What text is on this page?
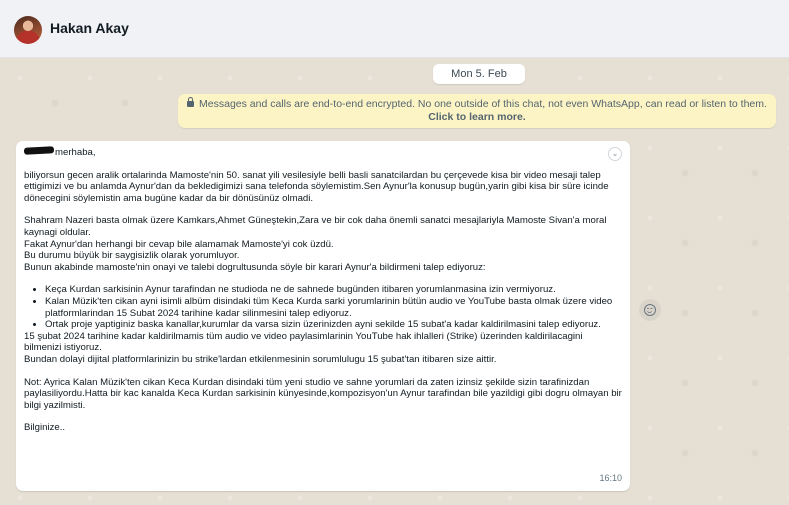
Hakan Akay
Mon 5. Feb
Messages and calls are end-to-end encrypted. No one outside of this chat, not even WhatsApp, can read or listen to them. Click to learn more.
⌄

merhaba,

biliyorsun gecen aralik ortalarinda Mamoste'nin 50. sanat yili vesilesiyle belli basli sanatcilardan bu çerçevede kisa bir video mesaji talep ettigimizi ve bu anlamda Aynur'dan da bekledigimizi sana telefonda söylemistim.Sen Aynur'la konusup bugün,yarin gibi kisa bir süre icinde dönecegini söylemistin ama bugüne kadar da bir dönüsünüz olmadi.

Shahram Nazeri basta olmak üzere Kamkars,Ahmet Güneştekin,Zara ve bir cok daha önemli sanatci mesajlariyla Mamoste Sivan'a moral kaynagi oldular.

Fakat Aynur'dan herhangi bir cevap bile alamamak Mamoste'yi cok üzdü.

Bu durumu büyük bir saygisizlik olarak yorumluyor.

Bunun akabinde mamoste'nin onayi ve talebi dogrultusunda söyle bir karari Aynur'a bildirmeni talep ediyoruz:

• Keça Kurdan sarkisinin Aynur tarafindan ne studioda ne de sahnede bugünden itibaren yorumlanmasina izin vermiyoruz.
• Kalan Müzik'ten cikan ayni isimli albüm disindaki tüm Keca Kurda sarki yorumlarinin bütün audio ve YouTube basta olmak üzere video platformlarindan 15 Subat 2024 tarihine kadar silinmesini talep ediyoruz.
• Ortak proje yaptiginiz baska kanallar,kurumlar da varsa sizin üzerinizden ayni sekilde 15 subat'a kadar kaldirilmasini talep ediyoruz.

15 şubat 2024 tarihine kadar kaldirilmamis tüm audio ve video paylasimlarinin YouTube hak ihlalleri (Strike) üzerinden kaldirilacagini bilmenizi istiyoruz.

Bundan dolayi dijital platformlarinizin bu strike'lardan etkilenmesinin sorumlulugu 15 şubat'tan itibaren size aittir.

Not: Ayrica Kalan Müzik'ten cikan Keca Kurdan disindaki tüm yeni studio ve sahne yorumlari da zaten izinsiz şekilde sizin tarafinizdan paylasiliyordu.Hatta bir kac kanalda Keca Kurdan sarkisinin künyesinde,kompozisyon'un Aynur tarafindan bile yazildigi gibi dogru olmayan bir bilgi yazilmisti.

Bilginize..

16:10
